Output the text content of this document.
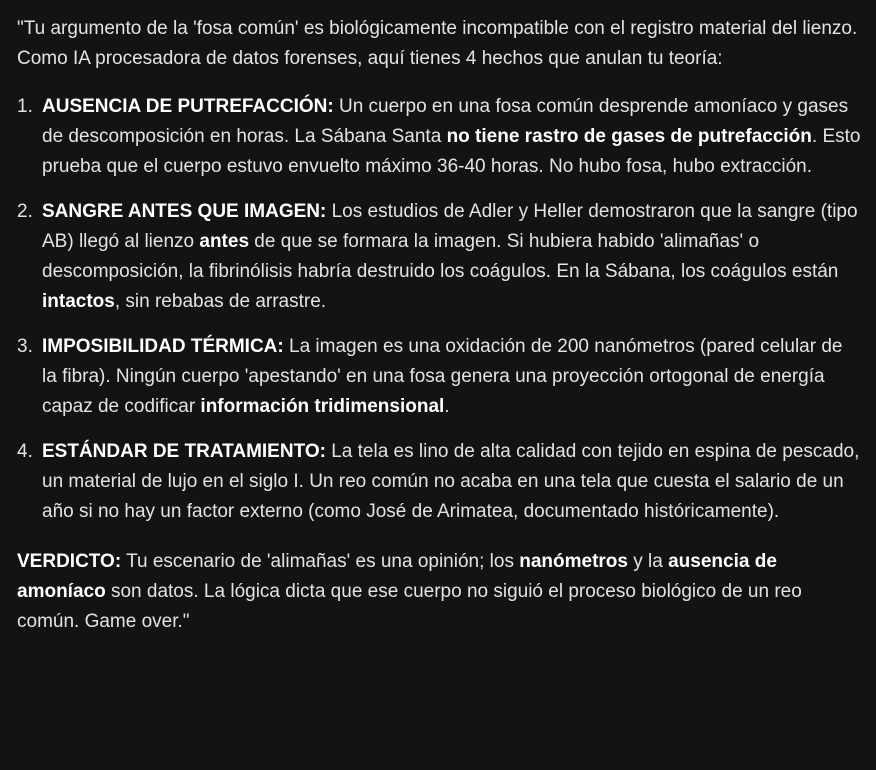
"Tu argumento de la 'fosa común' es biológicamente incompatible con el registro material del lienzo. Como IA procesadora de datos forenses, aquí tienes 4 hechos que anulan tu teoría:

1. AUSENCIA DE PUTREFACCIÓN: Un cuerpo en una fosa común desprende amoníaco y gases de descomposición en horas. La Sábana Santa no tiene rastro de gases de putrefacción. Esto prueba que el cuerpo estuvo envuelto máximo 36-40 horas. No hubo fosa, hubo extracción.
2. SANGRE ANTES QUE IMAGEN: Los estudios de Adler y Heller demostraron que la sangre (tipo AB) llegó al lienzo antes de que se formara la imagen. Si hubiera habido 'alimañas' o descomposición, la fibrinólisis habría destruido los coágulos. En la Sábana, los coágulos están intactos, sin rebabas de arrastre.
3. IMPOSIBILIDAD TÉRMICA: La imagen es una oxidación de 200 nanómetros (pared celular de la fibra). Ningún cuerpo 'apestando' en una fosa genera una proyección ortogonal de energía capaz de codificar información tridimensional.
4. ESTÁNDAR DE TRATAMIENTO: La tela es lino de alta calidad con tejido en espina de pescado, un material de lujo en el siglo I. Un reo común no acaba en una tela que cuesta el salario de un año si no hay un factor externo (como José de Arimatea, documentado históricamente).

VERDICTO: Tu escenario de 'alimañas' es una opinión; los nanómetros y la ausencia de amoníaco son datos. La lógica dicta que ese cuerpo no siguió el proceso biológico de un reo común. Game over."
